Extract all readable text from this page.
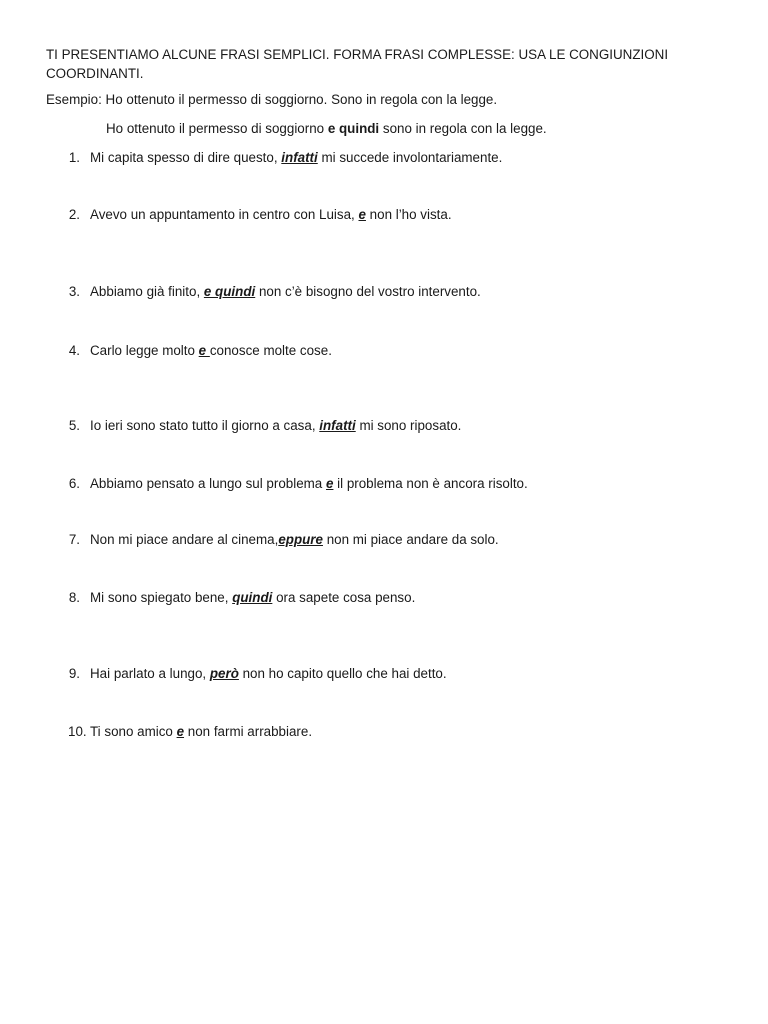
TI PRESENTIAMO ALCUNE FRASI SEMPLICI. FORMA FRASI COMPLESSE: USA LE CONGIUNZIONI COORDINANTI.

Esempio: Ho ottenuto il permesso di soggiorno. Sono in regola con la legge.
Ho ottenuto il permesso di soggiorno e quindi sono in regola con la legge.
1. Mi capita spesso di dire questo, infatti mi succede involontariamente.
2. Avevo un appuntamento in centro con Luisa, e non l’ho vista.
3. Abbiamo già finito, e quindi non c’è bisogno del vostro intervento.
4. Carlo legge molto e conosce molte cose.
5. Io ieri sono stato tutto il giorno a casa, infatti mi sono riposato.
6. Abbiamo pensato a lungo sul problema e il problema non è ancora risolto.
7. Non mi piace andare al cinema,eppure non mi piace andare da solo.
8. Mi sono spiegato bene, quindi ora sapete cosa penso.
9. Hai parlato a lungo, però non ho capito quello che hai detto.
10. Ti sono amico e non farmi arrabbiare.
